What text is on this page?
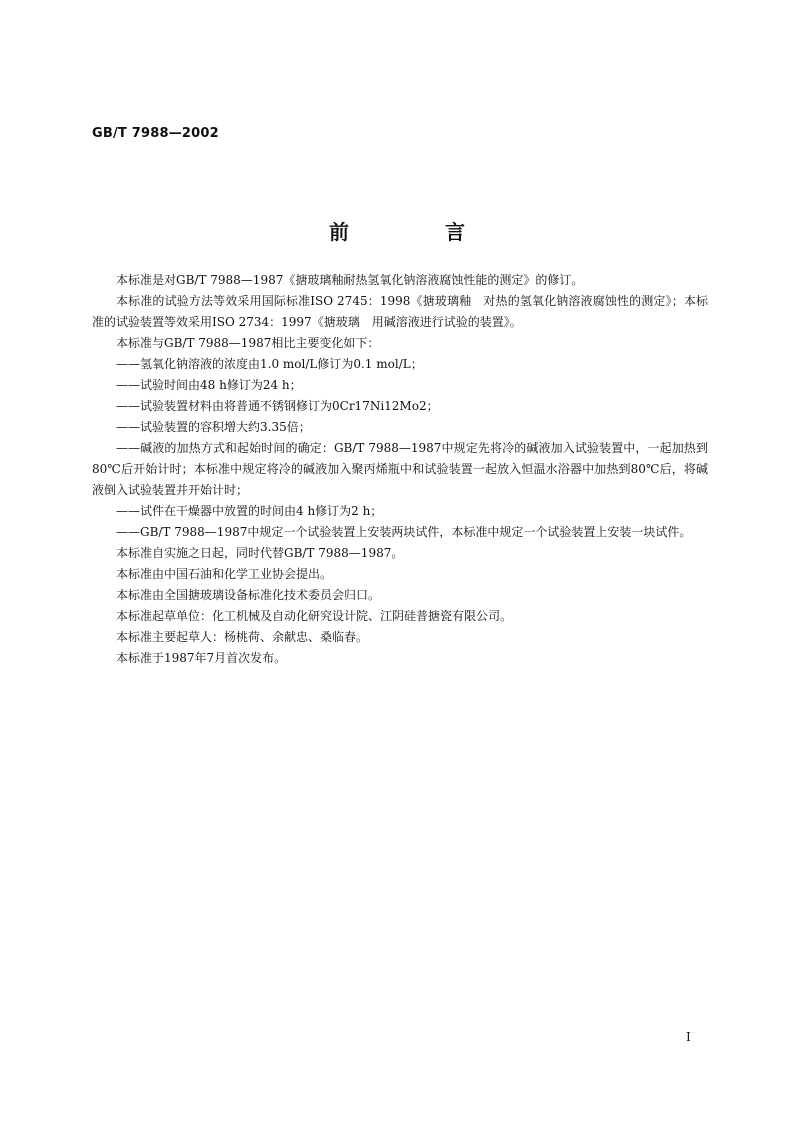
GB/T 7988—2002
前　言

本标准是对GB/T 7988—1987《搪玻璃釉耐热氢氧化钠溶液腐蚀性能的测定》的修订。

本标准的试验方法等效采用国际标准ISO 2745：1998《搪玻璃釉　对热的氢氧化钠溶液腐蚀性的测定》；本标准的试验装置等效采用ISO 2734：1997《搪玻璃　用碱溶液进行试验的装置》。

本标准与GB/T 7988—1987相比主要变化如下：

——氢氧化钠溶液的浓度由1.0 mol/L修订为0.1 mol/L；

——试验时间由48 h修订为24 h；

——试验装置材料由将普通不锈钢修订为0Cr17Ni12Mo2；

——试验装置的容积增大约3.35倍；

——碱液的加热方式和起始时间的确定：GB/T 7988—1987中规定先将冷的碱液加入试验装置中，一起加热到80℃后开始计时；本标准中规定将冷的碱液加入聚丙烯瓶中和试验装置一起放入恒温水浴器中加热到80℃后，将碱液倒入试验装置并开始计时；

——试件在干燥器中放置的时间由4 h修订为2 h；

——GB/T 7988—1987中规定一个试验装置上安装两块试件，本标准中规定一个试验装置上安装一块试件。

本标准自实施之日起，同时代替GB/T 7988—1987。

本标准由中国石油和化学工业协会提出。

本标准由全国搪玻璃设备标准化技术委员会归口。

本标准起草单位：化工机械及自动化研究设计院、江阴硅普搪瓷有限公司。

本标准主要起草人：杨桃荷、余献忠、桑临春。

本标准于1987年7月首次发布。

I
